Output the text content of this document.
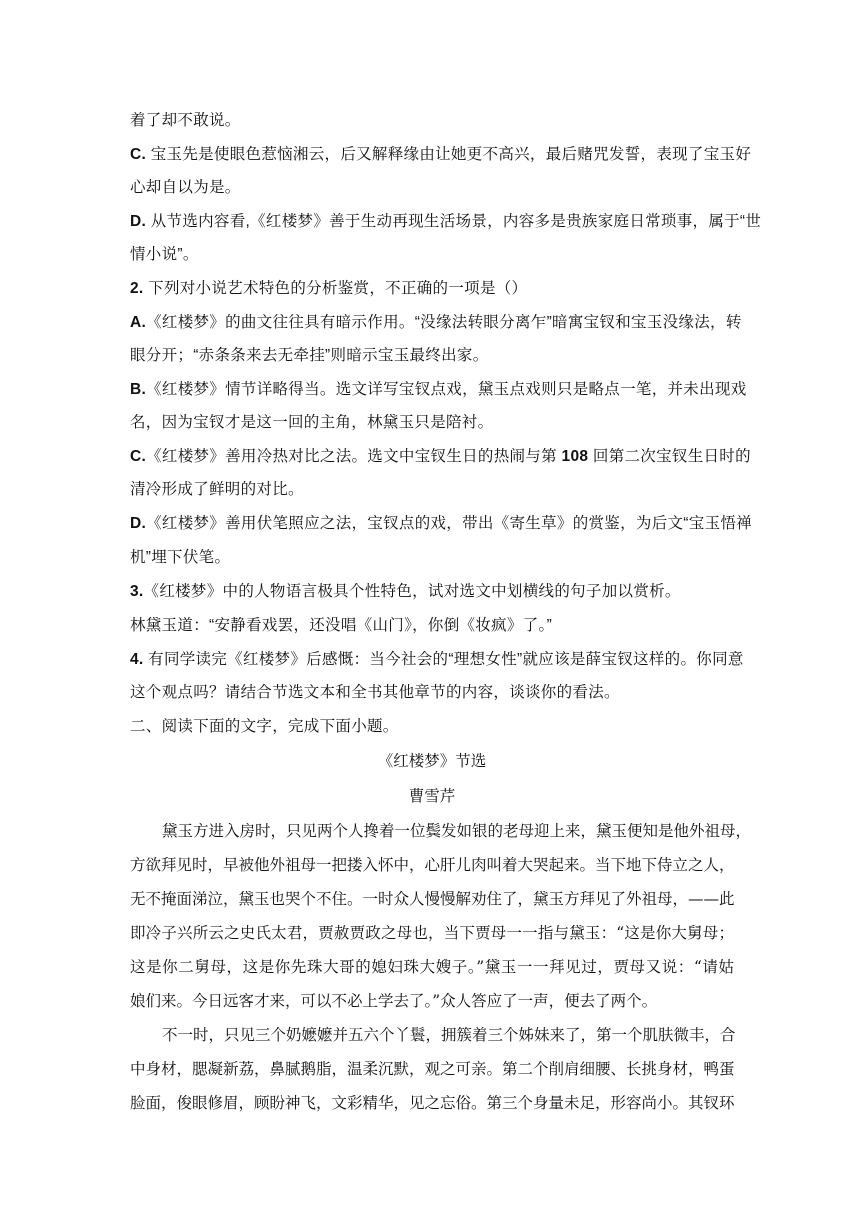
着了却不敢说。
C. 宝玉先是使眼色惹恼湘云，后又解释缘由让她更不高兴，最后赌咒发誓，表现了宝玉好
心却自以为是。
D. 从节选内容看,《红楼梦》善于生动再现生活场景，内容多是贵族家庭日常琐事，属于“世
情小说”。
2. 下列对小说艺术特色的分析鉴赏，不正确的一项是（）
A.《红楼梦》的曲文往往具有暗示作用。“没缘法转眼分离乍”暗寓宝钗和宝玉没缘法，转
眼分开；“赤条条来去无牵挂”则暗示宝玉最终出家。
B.《红楼梦》情节详略得当。选文详写宝钗点戏，黛玉点戏则只是略点一笔，并未出现戏
名，因为宝钗才是这一回的主角，林黛玉只是陪衬。
C.《红楼梦》善用冷热对比之法。选文中宝钗生日的热闹与第 108 回第二次宝钗生日时的
清冷形成了鲜明的对比。
D.《红楼梦》善用伏笔照应之法，宝钗点的戏，带出《寄生草》的赏鉴，为后文“宝玉悟禅
机”埋下伏笔。
3.《红楼梦》中的人物语言极具个性特色，试对选文中划横线的句子加以赏析。
林黛玉道：“安静看戏罢，还没唱《山门》，你倒《妆疯》了。”
4. 有同学读完《红楼梦》后感慨：当今社会的“理想女性”就应该是薛宝钗这样的。你同意
这个观点吗？请结合节选文本和全书其他章节的内容，谈谈你的看法。
二、阅读下面的文字，完成下面小题。
《红楼梦》节选
曹雪芹
黛玉方进入房时，只见两个人搀着一位鬓发如银的老母迎上来，黛玉便知是他外祖母，
方欲拜见时，早被他外祖母一把搂入怀中，心肝儿肉叫着大哭起来。当下地下侍立之人，
无不掩面涕泣，黛玉也哭个不住。一时众人慢慢解劝住了，黛玉方拜见了外祖母，——此
即冷子兴所云之史氏太君，贾赦贾政之母也，当下贾母一一指与黛玉：“这是你大舅母；
这是你二舅母，这是你先珠大哥的媳妇珠大嫂子。”黛玉一一拜见过，贾母又说：“请姑
娘们来。今日远客才来，可以不必上学去了。”众人答应了一声，便去了两个。
不一时，只见三个奶嬷嬷并五六个丫鬟，拥簇着三个姊妹来了，第一个肌肤微丰，合
中身材，腮凝新荔，鼻腻鹅脂，温柔沉默，观之可亲。第二个削肩细腰、长挑身材，鸭蛋
脸面，俊眼修眉，顾盼神飞，文彩精华，见之忘俗。第三个身量未足，形容尚小。其钗环
